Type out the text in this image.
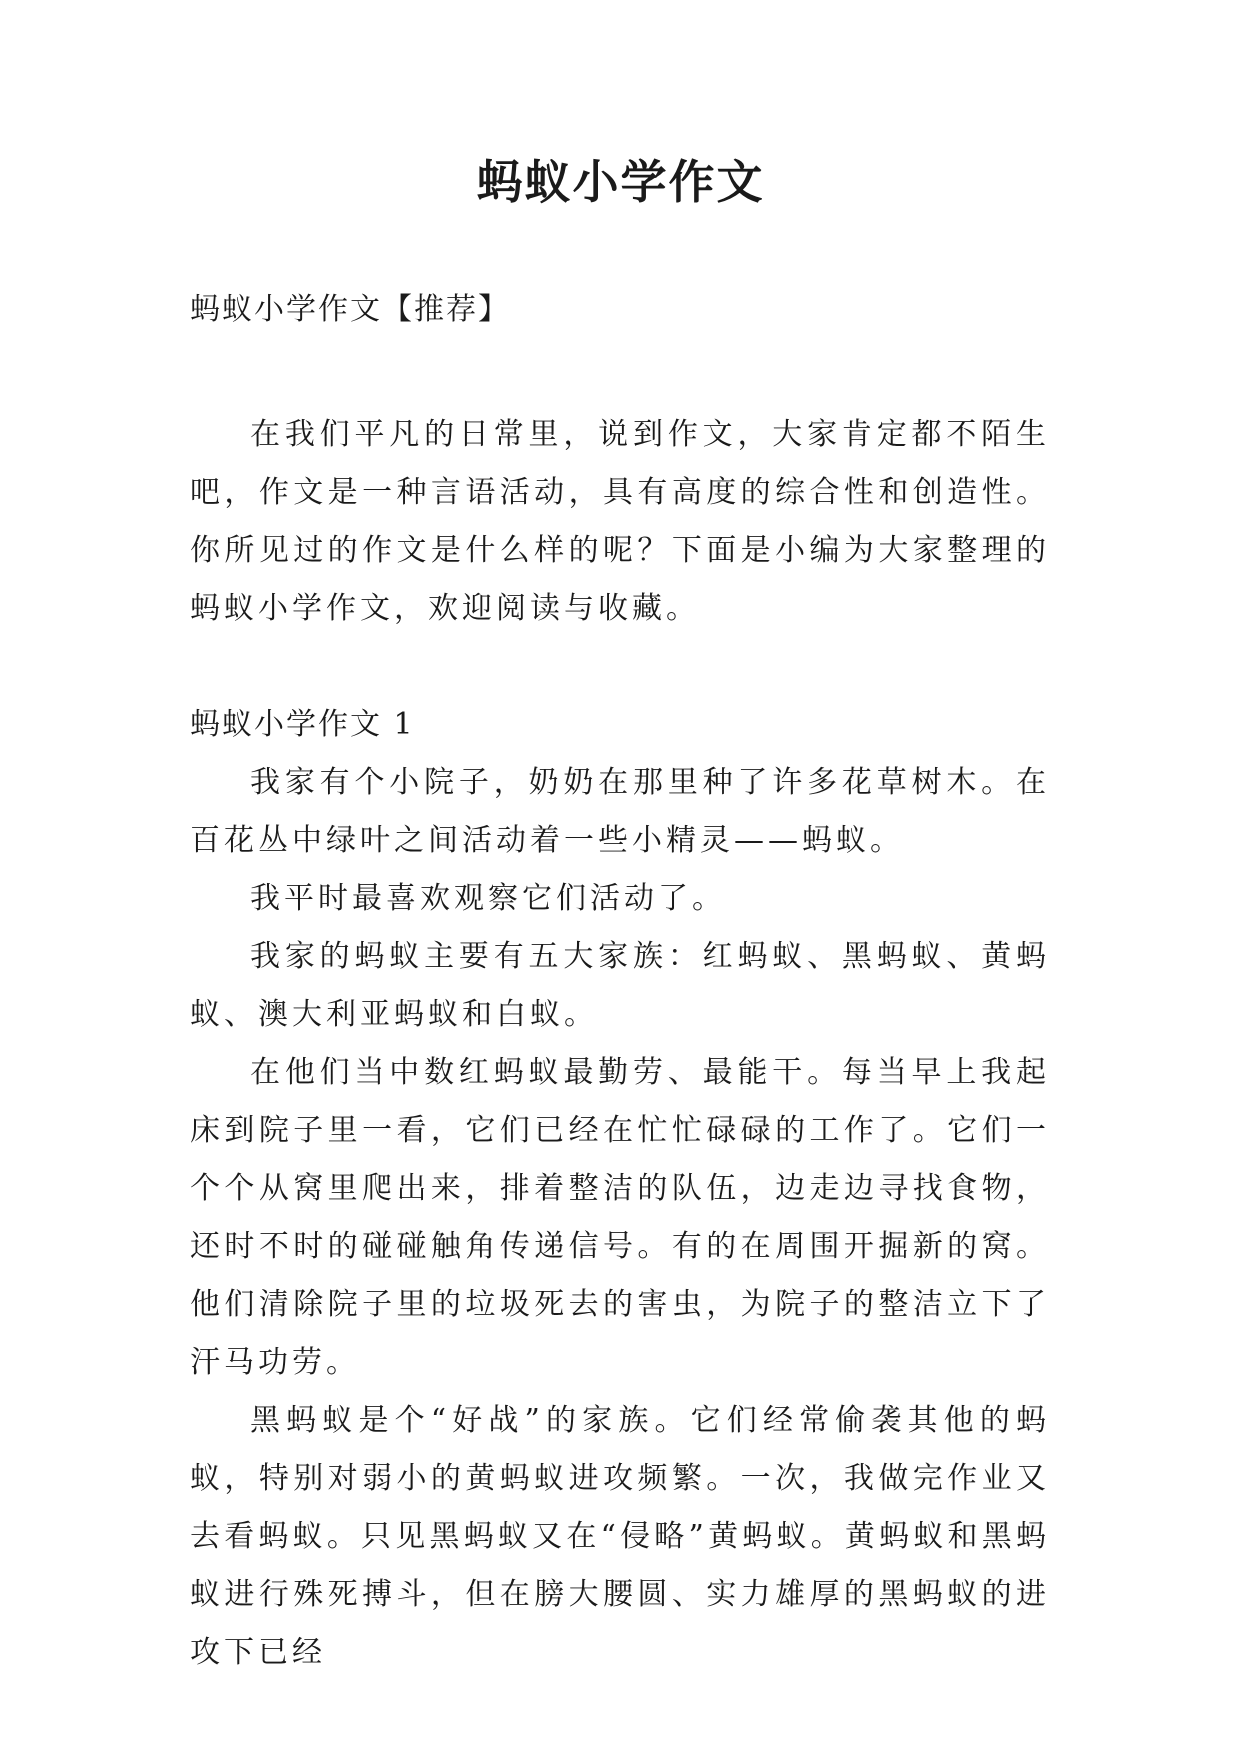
蚂蚁小学作文

蚂蚁小学作文【推荐】

在我们平凡的日常里，说到作文，大家肯定都不陌生吧，作文是一种言语活动，具有高度的综合性和创造性。你所见过的作文是什么样的呢？下面是小编为大家整理的蚂蚁小学作文，欢迎阅读与收藏。

蚂蚁小学作文 1

我家有个小院子，奶奶在那里种了许多花草树木。在百花丛中绿叶之间活动着一些小精灵——蚂蚁。

我平时最喜欢观察它们活动了。

我家的蚂蚁主要有五大家族：红蚂蚁、黑蚂蚁、黄蚂蚁、澳大利亚蚂蚁和白蚁。

在他们当中数红蚂蚁最勤劳、最能干。每当早上我起床到院子里一看，它们已经在忙忙碌碌的工作了。它们一个个从窝里爬出来，排着整洁的队伍，边走边寻找食物，还时不时的碰碰触角传递信号。有的在周围开掘新的窝。他们清除院子里的垃圾死去的害虫，为院子的整洁立下了汗马功劳。

黑蚂蚁是个“好战”的家族。它们经常偷袭其他的蚂蚁，特别对弱小的黄蚂蚁进攻频繁。一次，我做完作业又去看蚂蚁。只见黑蚂蚁又在“侵略”黄蚂蚁。黄蚂蚁和黑蚂蚁进行殊死搏斗，但在膀大腰圆、实力雄厚的黑蚂蚁的进攻下已经
